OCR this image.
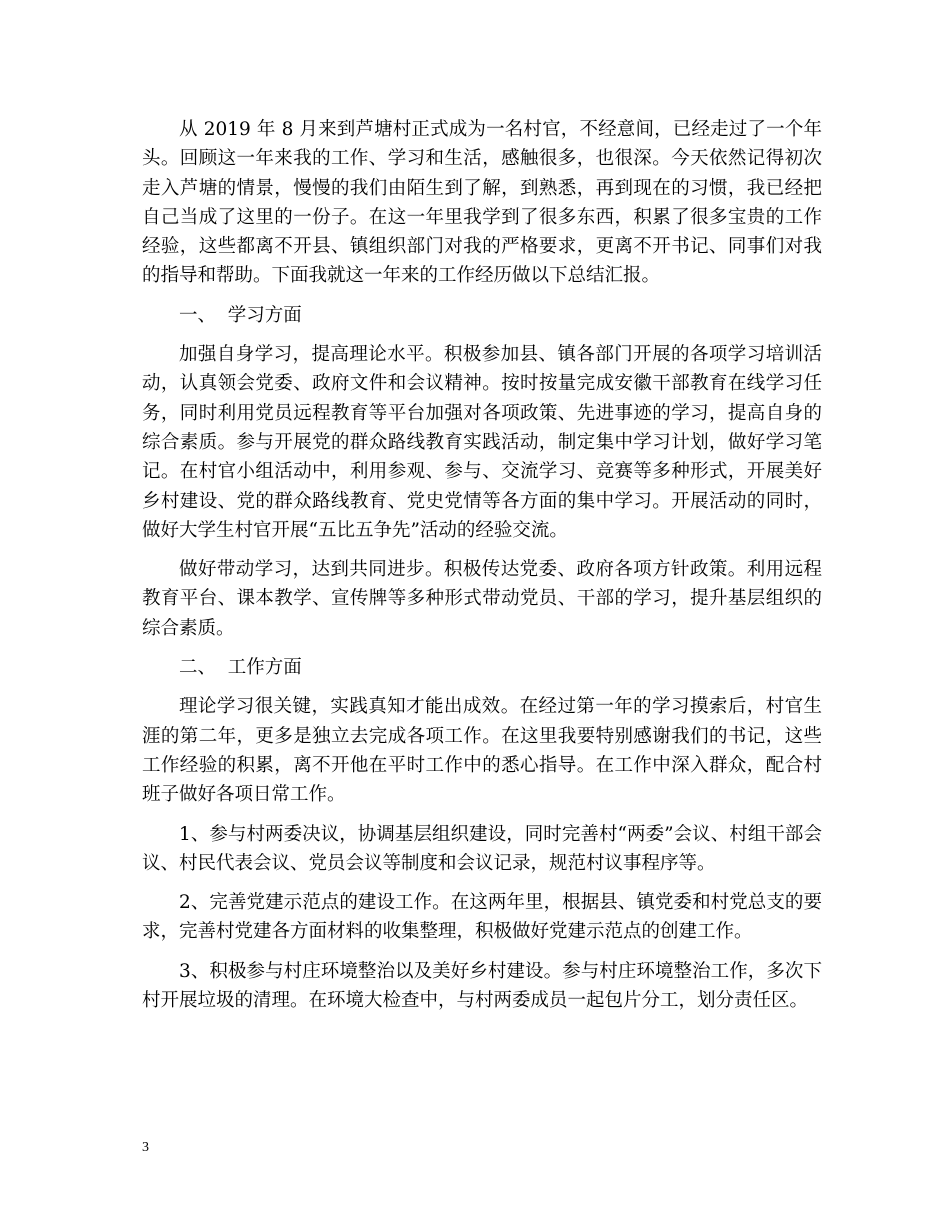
从 2019 年 8 月来到芦塘村正式成为一名村官，不经意间，已经走过了一个年头。回顾这一年来我的工作、学习和生活，感触很多，也很深。今天依然记得初次走入芦塘的情景，慢慢的我们由陌生到了解，到熟悉，再到现在的习惯，我已经把自己当成了这里的一份子。在这一年里我学到了很多东西，积累了很多宝贵的工作经验，这些都离不开县、镇组织部门对我的严格要求，更离不开书记、同事们对我的指导和帮助。下面我就这一年来的工作经历做以下总结汇报。

一、  学习方面

加强自身学习，提高理论水平。积极参加县、镇各部门开展的各项学习培训活动，认真领会党委、政府文件和会议精神。按时按量完成安徽干部教育在线学习任务，同时利用党员远程教育等平台加强对各项政策、先进事迹的学习，提高自身的综合素质。参与开展党的群众路线教育实践活动，制定集中学习计划，做好学习笔记。在村官小组活动中，利用参观、参与、交流学习、竞赛等多种形式，开展美好乡村建设、党的群众路线教育、党史党情等各方面的集中学习。开展活动的同时，做好大学生村官开展“五比五争先”活动的经验交流。

做好带动学习，达到共同进步。积极传达党委、政府各项方针政策。利用远程教育平台、课本教学、宣传牌等多种形式带动党员、干部的学习，提升基层组织的综合素质。

二、  工作方面

理论学习很关键，实践真知才能出成效。在经过第一年的学习摸索后，村官生涯的第二年，更多是独立去完成各项工作。在这里我要特别感谢我们的书记，这些工作经验的积累，离不开他在平时工作中的悉心指导。在工作中深入群众，配合村班子做好各项日常工作。

1、参与村两委决议，协调基层组织建设，同时完善村“两委”会议、村组干部会议、村民代表会议、党员会议等制度和会议记录，规范村议事程序等。

2、完善党建示范点的建设工作。在这两年里，根据县、镇党委和村党总支的要求，完善村党建各方面材料的收集整理，积极做好党建示范点的创建工作。

3、积极参与村庄环境整治以及美好乡村建设。参与村庄环境整治工作，多次下村开展垃圾的清理。在环境大检查中，与村两委成员一起包片分工，划分责任区。

3
